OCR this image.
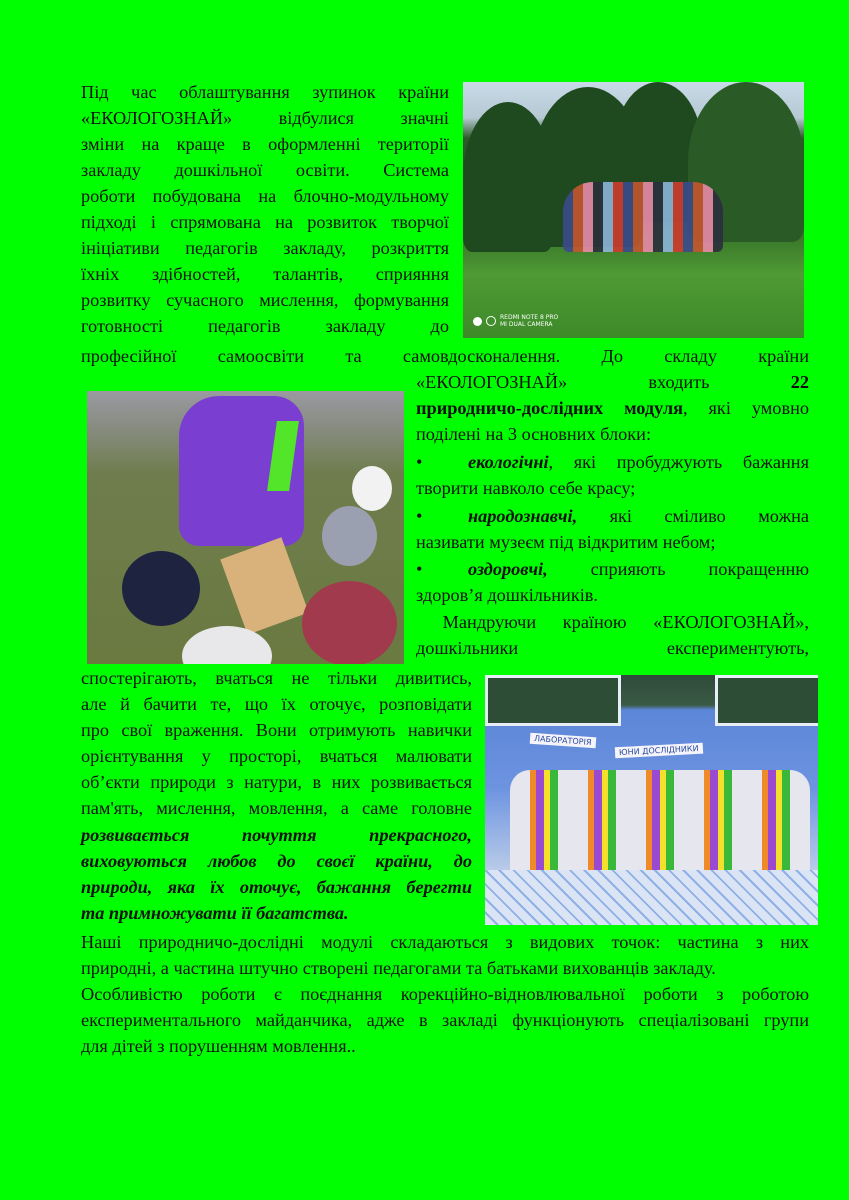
REDMI NOTE 8 PRO
MI DUAL CAMERA
ЛАБОРАТОРІЯ
ЮНИ ДОСЛІДНИКИ
Під час облаштування зупинок країни
«ЕКОЛОГОЗНАЙ» відбулися значні
зміни на краще в оформленні території
закладу дошкільної освіти. Система
роботи побудована на блочно-модульному
підході і спрямована на розвиток творчої
ініціативи педагогів закладу, розкриття
їхніх здібностей, талантів, сприяння
розвитку сучасного мислення, формування
готовності педагогів закладу до
професійної самоосвіти та самовдосконалення. До складу країни
«ЕКОЛОГОЗНАЙ»	входить	22
природничо-дослідних модуля, які умовно
поділені на 3 основних блоки:
•	екологічні, які пробуджують бажання
творити навколо себе красу;
•	народознавчі, які сміливо можна
називати музеєм під відкритим небом;
•	оздоровчі, сприяють покращенню
здоров’я дошкільників.
Мандруючи країною «ЕКОЛОГОЗНАЙ»,
дошкільники експериментують,
спостерігають, вчаться не тільки дивитись,
але й бачити те, що їх оточує, розповідати
про свої враження. Вони отримують навички
орієнтування у просторі, вчаться малювати
об’єкти природи з натури, в них розвивається
пам'ять, мислення, мовлення, а саме головне
розвивається почуття прекрасного,
виховуються любов до своєї країни, до
природи, яка їх оточує, бажання берегти
та примножувати її багатства.
Наші природничо-дослідні модулі складаються з видових точок: частина з них
природні, а частина штучно створені педагогами та батьками вихованців закладу.
Особливістю роботи є поєднання корекційно-відновлювальної роботи з роботою
експериментального майданчика, адже в закладі функціонують спеціалізовані групи
для дітей з порушенням мовлення..
